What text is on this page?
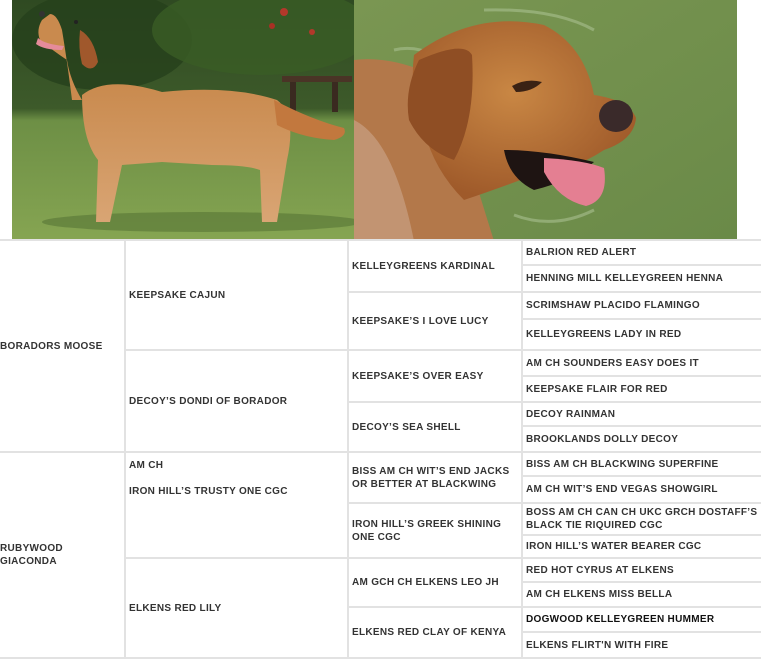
BORADORS MOOSE
RUBYWOOD GIACONDA
KEEPSAKE CAJUN
DECOY’S DONDI OF BORADOR
AM CH
IRON HILL’S TRUSTY ONE CGC
ELKENS RED LILY
KELLEYGREENS KARDINAL
KEEPSAKE’S I LOVE LUCY
KEEPSAKE’S OVER EASY
DECOY’S SEA SHELL
BISS AM CH WIT’S END JACKS OR BETTER AT BLACKWING
IRON HILL’S GREEK SHINING ONE CGC
AM GCH CH ELKENS LEO JH
ELKENS RED CLAY OF KENYA
BALRION RED ALERT
HENNING MILL KELLEYGREEN HENNA
SCRIMSHAW PLACIDO FLAMINGO
KELLEYGREENS LADY IN RED
AM CH SOUNDERS EASY DOES IT
KEEPSAKE FLAIR FOR RED
DECOY RAINMAN
BROOKLANDS DOLLY DECOY
BISS AM CH BLACKWING SUPERFINE
AM CH WIT’S END VEGAS SHOWGIRL
BOSS AM CH CAN CH UKC GRCH DOSTAFF’S BLACK TIE RIQUIRED CGC
IRON HILL’S WATER BEARER CGC
RED HOT CYRUS AT ELKENS
AM CH ELKENS MISS BELLA
DOGWOOD KELLEYGREEN HUMMER
ELKENS FLIRT'N WITH FIRE
